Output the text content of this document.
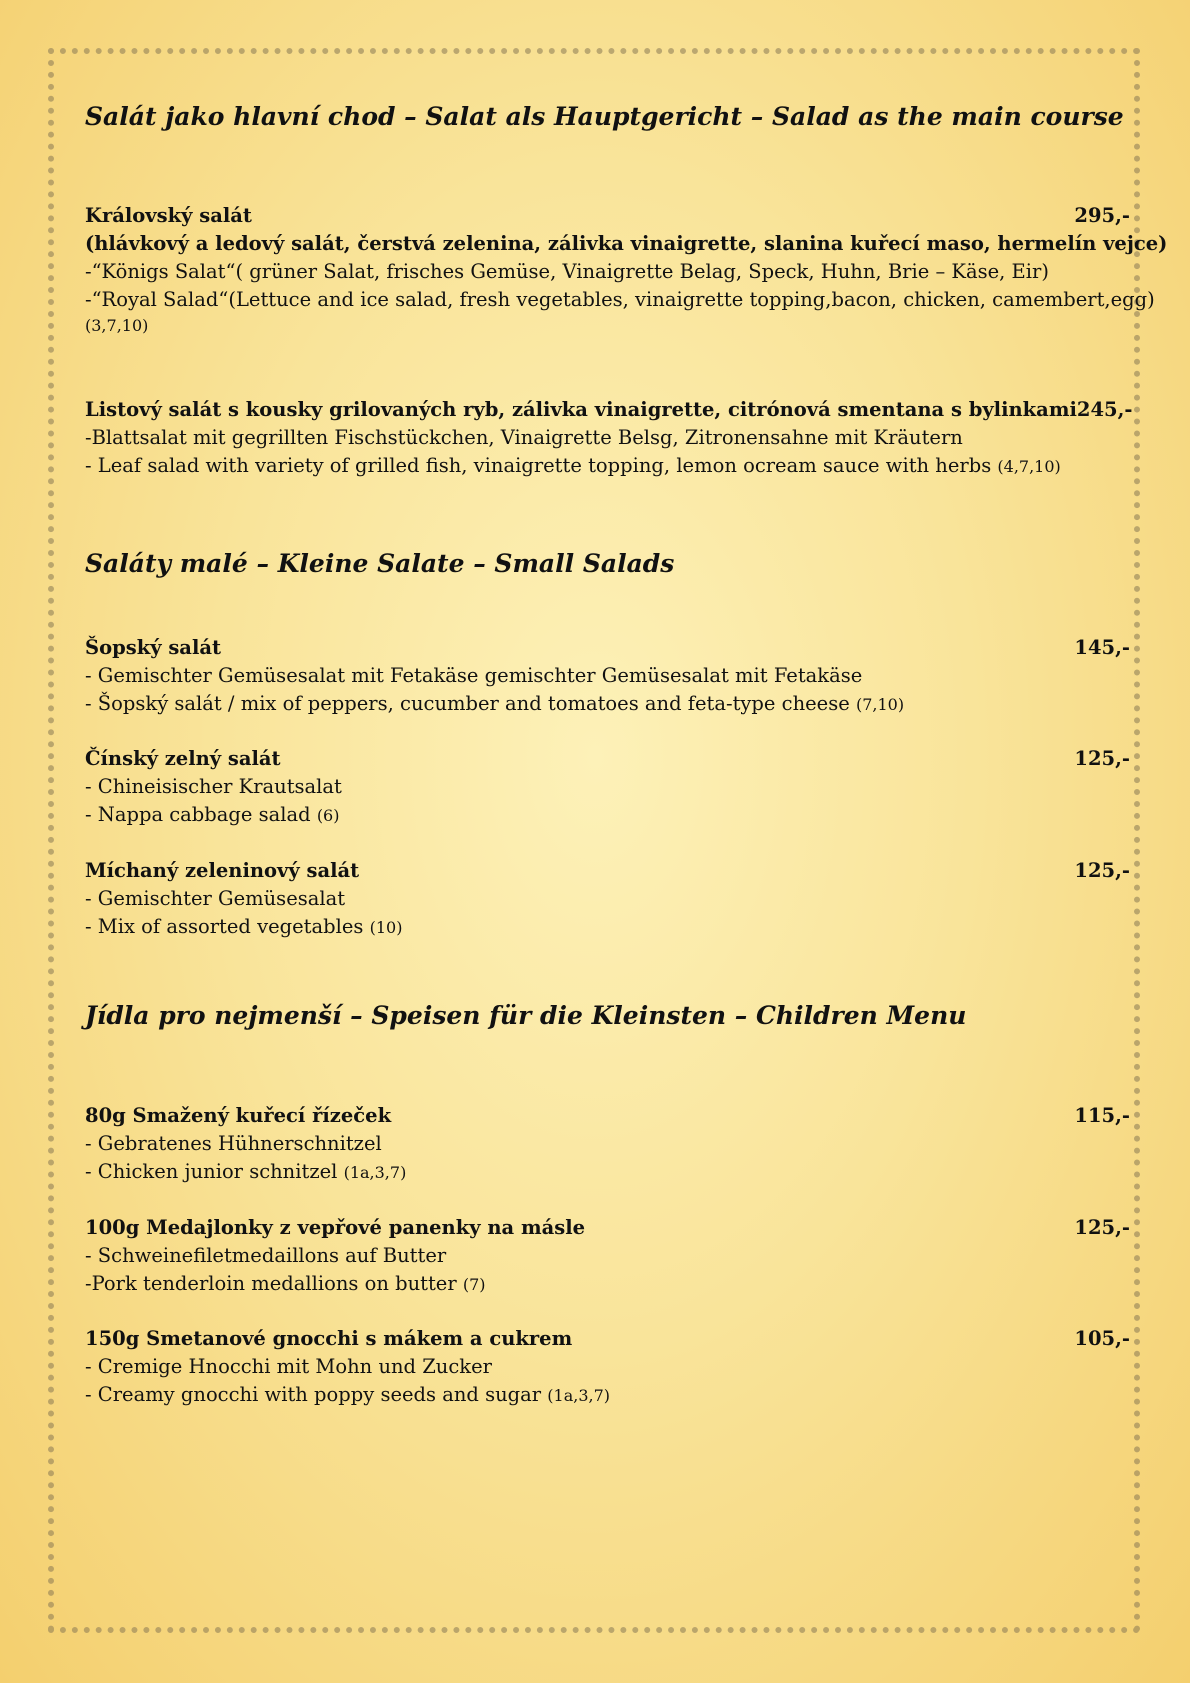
Salát jako hlavní chod – Salat als Hauptgericht – Salad as the main course
Královský salát	295,-
(hlávkový a ledový salát, čerstvá zelenina, zálivka vinaigrette, slanina kuřecí maso, hermelín vejce)
-“Königs Salat“( grüner Salat, frisches Gemüse, Vinaigrette Belag, Speck, Huhn, Brie – Käse, Eir)
-“Royal Salad“(Lettuce and ice salad, fresh vegetables, vinaigrette topping,bacon, chicken, camembert,egg)
(3,7,10)
Listový salát s kousky grilovaných ryb, zálivka vinaigrette, citrónová smentana s bylinkami 245,-
-Blattsalat mit gegrillten Fischstückchen, Vinaigrette Belsg, Zitronensahne mit Kräutern
- Leaf salad with variety of grilled fish, vinaigrette topping, lemon ocream sauce with herbs (4,7,10)
Saláty malé – Kleine Salate – Small Salads
Šopský salát	145,-
- Gemischter Gemüsesalat mit Fetakäse gemischter Gemüsesalat mit Fetakäse
- Šopský salát / mix of peppers, cucumber and tomatoes and feta-type cheese (7,10)
Čínský zelný salát	125,-
- Chineisischer Krautsalat
- Nappa cabbage salad (6)
Míchaný zeleninový salát	125,-
- Gemischter Gemüsesalat
- Mix of assorted vegetables (10)
Jídla pro nejmenší – Speisen für die Kleinsten – Children Menu
80g Smažený kuřecí řízeček	115,-
- Gebratenes Hühnerschnitzel
- Chicken junior schnitzel (1a,3,7)
100g Medajlonky z vepřové panenky na másle	125,-
- Schweinefiletmedaillons auf Butter
-Pork tenderloin medallions on butter (7)
150g Smetanové gnocchi s mákem a cukrem	105,-
- Cremige Hnocchi mit Mohn und Zucker
- Creamy gnocchi with poppy seeds and sugar (1a,3,7)
